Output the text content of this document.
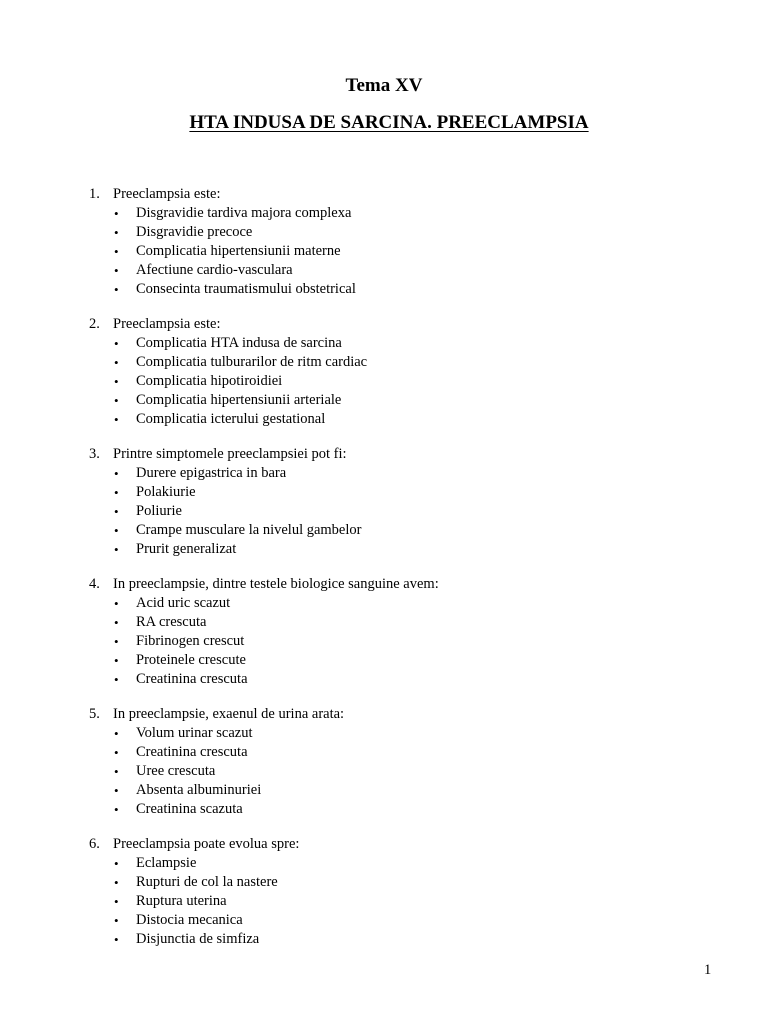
Tema XV
HTA INDUSA DE SARCINA. PREECLAMPSIA
1. Preeclampsia este:
• Disgravidie tardiva majora complexa
• Disgravidie precoce
• Complicatia hipertensiunii materne
• Afectiune cardio-vasculara
• Consecinta traumatismului obstetrical
2. Preeclampsia este:
• Complicatia HTA indusa de sarcina
• Complicatia tulburarilor de ritm cardiac
• Complicatia hipotiroidiei
• Complicatia hipertensiunii arteriale
• Complicatia icterului gestational
3. Printre simptomele preeclampsiei pot fi:
• Durere epigastrica in bara
• Polakiurie
• Poliurie
• Crampe musculare la nivelul gambelor
• Prurit generalizat
4. In preeclampsie, dintre testele biologice sanguine avem:
• Acid uric scazut
• RA crescuta
• Fibrinogen crescut
• Proteinele crescute
• Creatinina crescuta
5. In preeclampsie, exaenul de urina arata:
• Volum urinar scazut
• Creatinina crescuta
• Uree crescuta
• Absenta albuminuriei
• Creatinina scazuta
6. Preeclampsia poate evolua spre:
• Eclampsie
• Rupturi de col la nastere
• Ruptura uterina
• Distocia mecanica
• Disjunctia de simfiza
1
